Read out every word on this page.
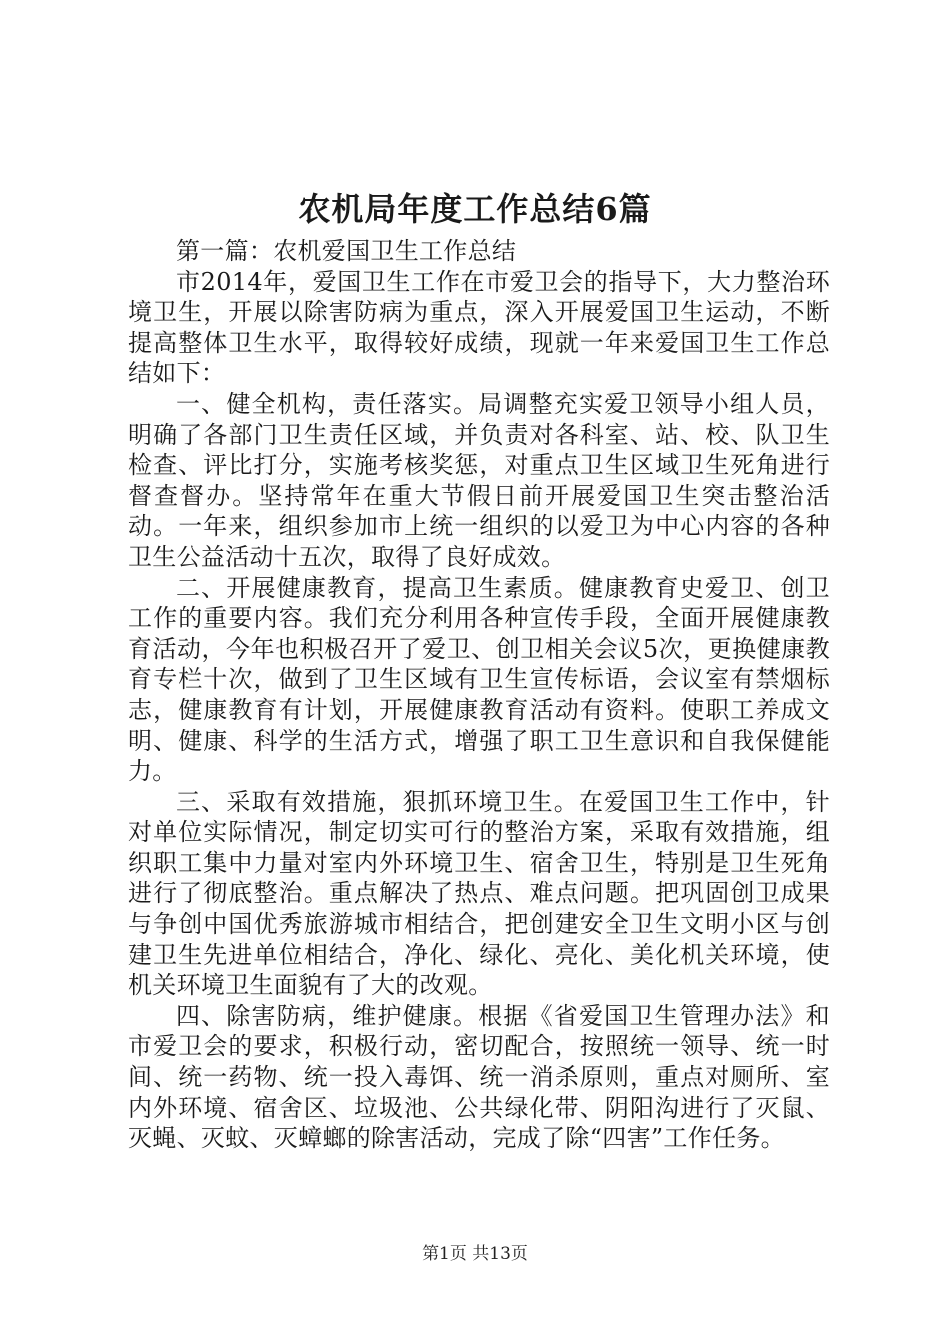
农机局年度工作总结6篇

第一篇：农机爱国卫生工作总结

市2014年，爱国卫生工作在市爱卫会的指导下，大力整治环境卫生，开展以除害防病为重点，深入开展爱国卫生运动，不断提高整体卫生水平，取得较好成绩，现就一年来爱国卫生工作总结如下：

一、健全机构，责任落实。局调整充实爱卫领导小组人员，明确了各部门卫生责任区域，并负责对各科室、站、校、队卫生检查、评比打分，实施考核奖惩，对重点卫生区域卫生死角进行督查督办。坚持常年在重大节假日前开展爱国卫生突击整治活动。一年来，组织参加市上统一组织的以爱卫为中心内容的各种卫生公益活动十五次，取得了良好成效。

二、开展健康教育，提高卫生素质。健康教育史爱卫、创卫工作的重要内容。我们充分利用各种宣传手段，全面开展健康教育活动，今年也积极召开了爱卫、创卫相关会议5次，更换健康教育专栏十次，做到了卫生区域有卫生宣传标语，会议室有禁烟标志，健康教育有计划，开展健康教育活动有资料。使职工养成文明、健康、科学的生活方式，增强了职工卫生意识和自我保健能力。

三、采取有效措施，狠抓环境卫生。在爱国卫生工作中，针对单位实际情况，制定切实可行的整治方案，采取有效措施，组织职工集中力量对室内外环境卫生、宿舍卫生，特别是卫生死角进行了彻底整治。重点解决了热点、难点问题。把巩固创卫成果与争创中国优秀旅游城市相结合，把创建安全卫生文明小区与创建卫生先进单位相结合，净化、绿化、亮化、美化机关环境，使机关环境卫生面貌有了大的改观。

四、除害防病，维护健康。根据《省爱国卫生管理办法》和市爱卫会的要求，积极行动，密切配合，按照统一领导、统一时间、统一药物、统一投入毒饵、统一消杀原则，重点对厕所、室内外环境、宿舍区、垃圾池、公共绿化带、阴阳沟进行了灭鼠、灭蝇、灭蚊、灭蟑螂的除害活动，完成了除“四害”工作任务。

第1页 共13页
